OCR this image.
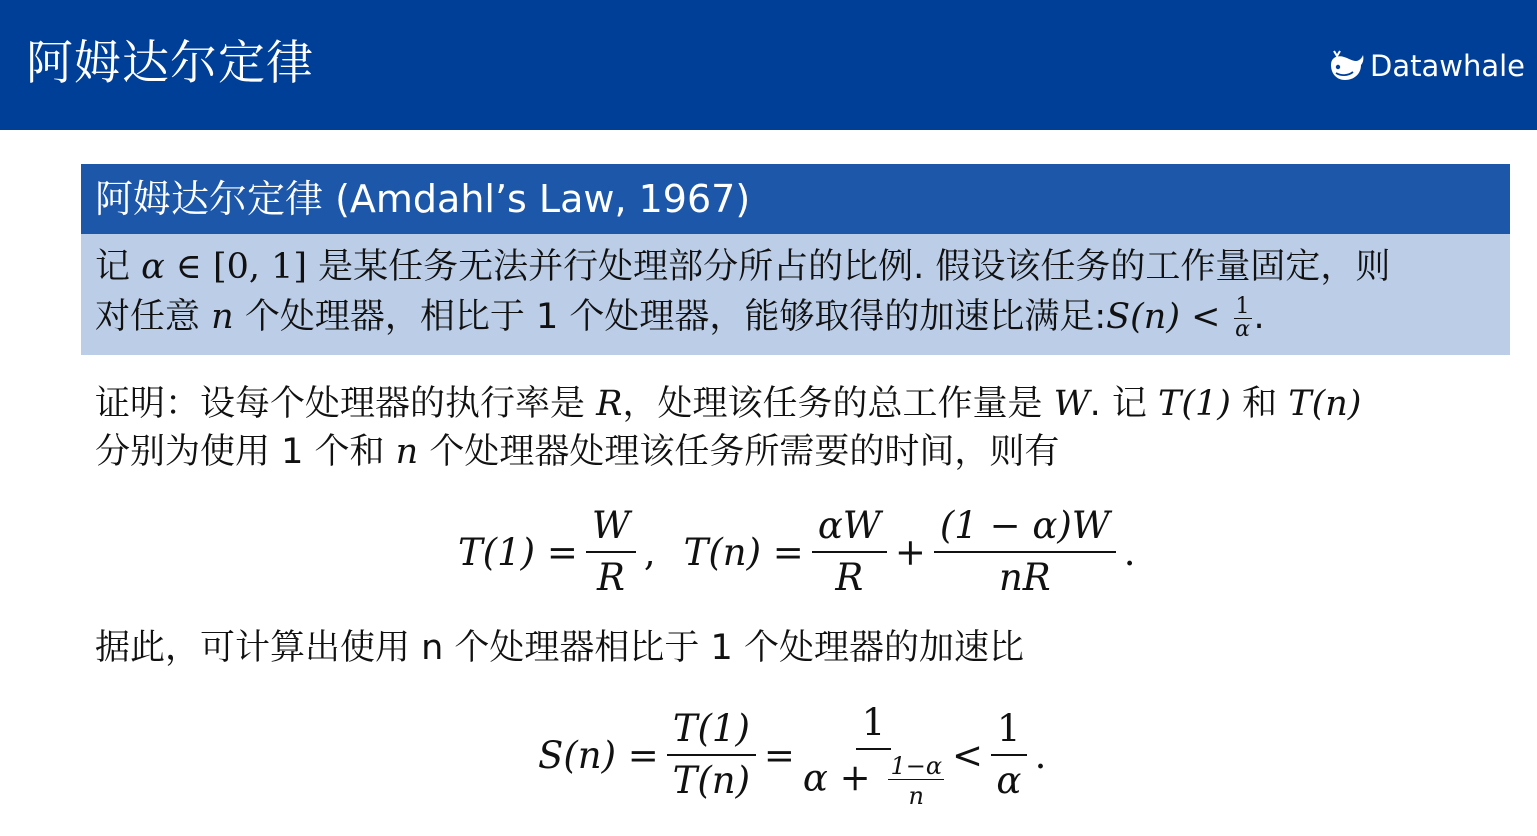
阿姆达尔定律	Datawhale
阿姆达尔定律 (Amdahl’s Law, 1967)
记 α ∈ [0, 1] 是某任务无法并行处理部分所占的比例. 假设该任务的工作量固定，则
对任意 n 个处理器，相比于 1 个处理器，能够取得的加速比满足:S(n) < $\frac{1}{\alpha}$ .
证明：设每个处理器的执行率是 R，处理该任务的总工作量是 W. 记 T(1) 和 T(n)
分别为使用 1 个和 n 个处理器处理该任务所需要的时间，则有
$T(1) = \frac{W}{R}$ , $T(n) = \frac{\alpha W}{R} + \frac{(1 - \alpha)W}{nR}$ .
据此，可计算出使用 n 个处理器相比于 1 个处理器的加速比
$S(n) = \frac{T(1)}{T(n)} = \frac{1}{\alpha + \frac{1-\alpha}{n}} < \frac{1}{\alpha}$ .
